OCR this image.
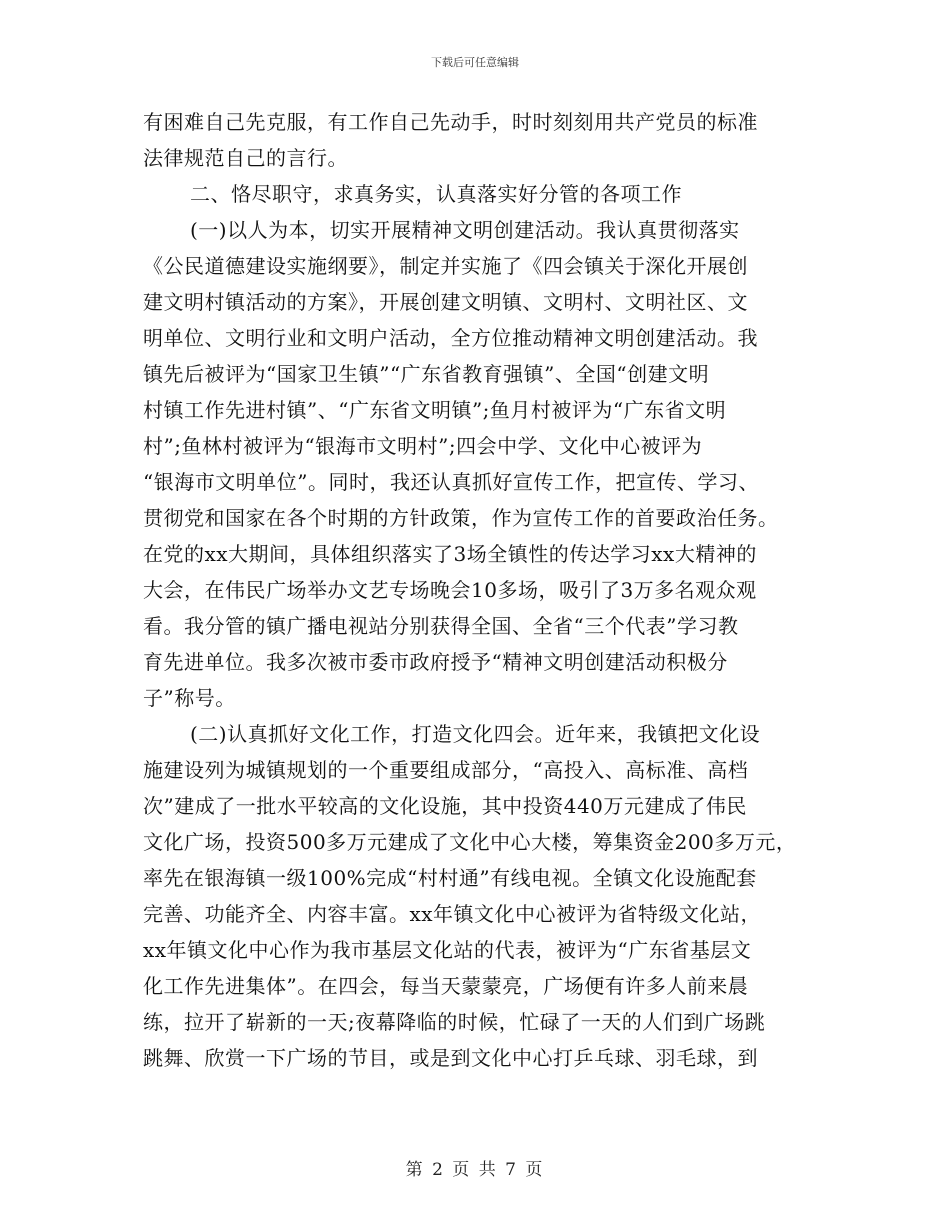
下载后可任意编辑
有困难自己先克服，有工作自己先动手，时时刻刻用共产党员的标准
法律规范自己的言行。
二、恪尽职守，求真务实，认真落实好分管的各项工作
(一)以人为本，切实开展精神文明创建活动。我认真贯彻落实
《公民道德建设实施纲要》，制定并实施了《四会镇关于深化开展创
建文明村镇活动的方案》，开展创建文明镇、文明村、文明社区、文
明单位、文明行业和文明户活动，全方位推动精神文明创建活动。我
镇先后被评为“国家卫生镇”“广东省教育强镇”、全国“创建文明
村镇工作先进村镇”、“广东省文明镇”;鱼月村被评为“广东省文明
村”;鱼林村被评为“银海市文明村”;四会中学、文化中心被评为
“银海市文明单位”。同时，我还认真抓好宣传工作，把宣传、学习、
贯彻党和国家在各个时期的方针政策，作为宣传工作的首要政治任务。
在党的xx大期间，具体组织落实了3场全镇性的传达学习xx大精神的
大会，在伟民广场举办文艺专场晚会10多场，吸引了3万多名观众观
看。我分管的镇广播电视站分别获得全国、全省“三个代表”学习教
育先进单位。我多次被市委市政府授予“精神文明创建活动积极分
子”称号。
(二)认真抓好文化工作，打造文化四会。近年来，我镇把文化设
施建设列为城镇规划的一个重要组成部分，“高投入、高标准、高档
次”建成了一批水平较高的文化设施，其中投资440万元建成了伟民
文化广场，投资500多万元建成了文化中心大楼，筹集资金200多万元，
率先在银海镇一级100%完成“村村通”有线电视。全镇文化设施配套
完善、功能齐全、内容丰富。xx年镇文化中心被评为省特级文化站，
xx年镇文化中心作为我市基层文化站的代表，被评为“广东省基层文
化工作先进集体”。在四会，每当天蒙蒙亮，广场便有许多人前来晨
练，拉开了崭新的一天;夜幕降临的时候，忙碌了一天的人们到广场跳
跳舞、欣赏一下广场的节目，或是到文化中心打乒乓球、羽毛球，到
第 2 页 共 7 页
